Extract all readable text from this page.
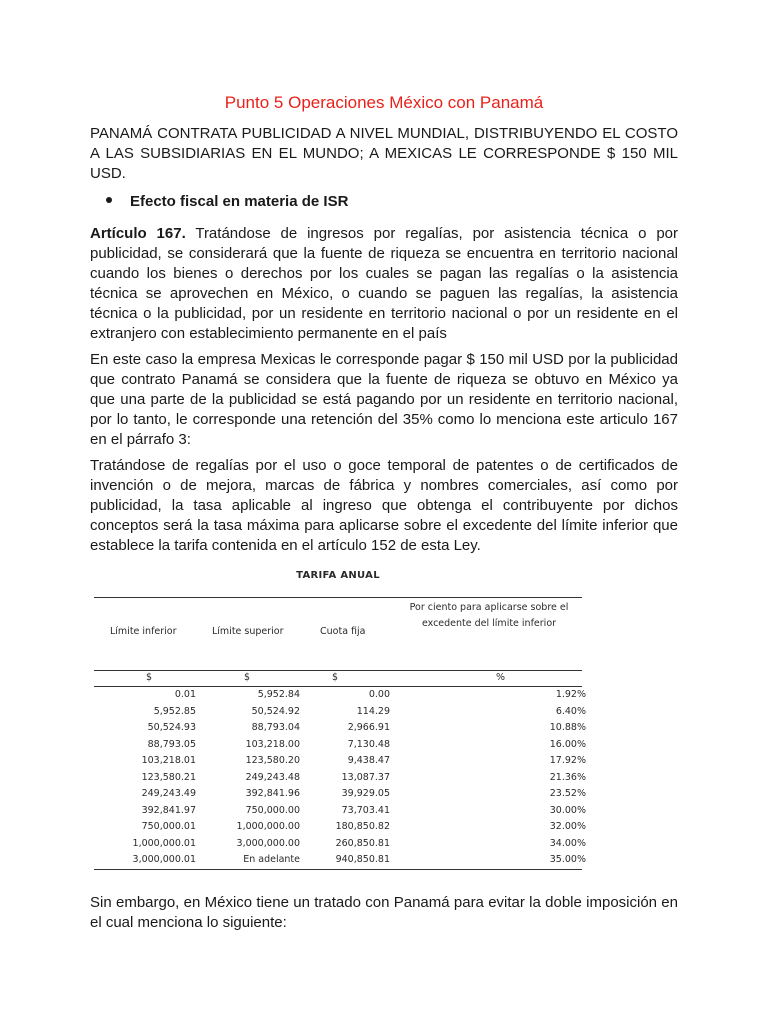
Punto 5 Operaciones México con Panamá
PANAMÁ CONTRATA PUBLICIDAD A NIVEL MUNDIAL, DISTRIBUYENDO EL COSTO A LAS SUBSIDIARIAS EN EL MUNDO; A MEXICAS LE CORRESPONDE $ 150 MIL USD.
Efecto fiscal en materia de ISR
Artículo 167. Tratándose de ingresos por regalías, por asistencia técnica o por publicidad, se considerará que la fuente de riqueza se encuentra en territorio nacional cuando los bienes o derechos por los cuales se pagan las regalías o la asistencia técnica se aprovechen en México, o cuando se paguen las regalías, la asistencia técnica o la publicidad, por un residente en territorio nacional o por un residente en el extranjero con establecimiento permanente en el país
En este caso la empresa Mexicas le corresponde pagar $ 150 mil USD por la publicidad que contrato Panamá se considera que la fuente de riqueza se obtuvo en México ya que una parte de la publicidad se está pagando por un residente en territorio nacional, por lo tanto, le corresponde una retención del 35% como lo menciona este articulo 167 en el párrafo 3:
Tratándose de regalías por el uso o goce temporal de patentes o de certificados de invención o de mejora, marcas de fábrica y nombres comerciales, así como por publicidad, la tasa aplicable al ingreso que obtenga el contribuyente por dichos conceptos será la tasa máxima para aplicarse sobre el excedente del límite inferior que establece la tarifa contenida en el artículo 152 de esta Ley.
Sin embargo, en México tiene un tratado con Panamá para evitar la doble imposición en el cual menciona lo siguiente:
TARIFA ANUAL
Límite inferior	Límite superior	Cuota fija
Por ciento para aplicarse sobre el excedente del límite inferior
$	$	$	%
0.01	5,952.84	0.00	1.92%
5,952.85	50,524.92	114.29	6.40%
50,524.93	88,793.04	2,966.91	10.88%
88,793.05	103,218.00	7,130.48	16.00%
103,218.01	123,580.20	9,438.47	17.92%
123,580.21	249,243.48	13,087.37	21.36%
249,243.49	392,841.96	39,929.05	23.52%
392,841.97	750,000.00	73,703.41	30.00%
750,000.01	1,000,000.00	180,850.82	32.00%
1,000,000.01	3,000,000.00	260,850.81	34.00%
3,000,000.01	En adelante	940,850.81	35.00%
